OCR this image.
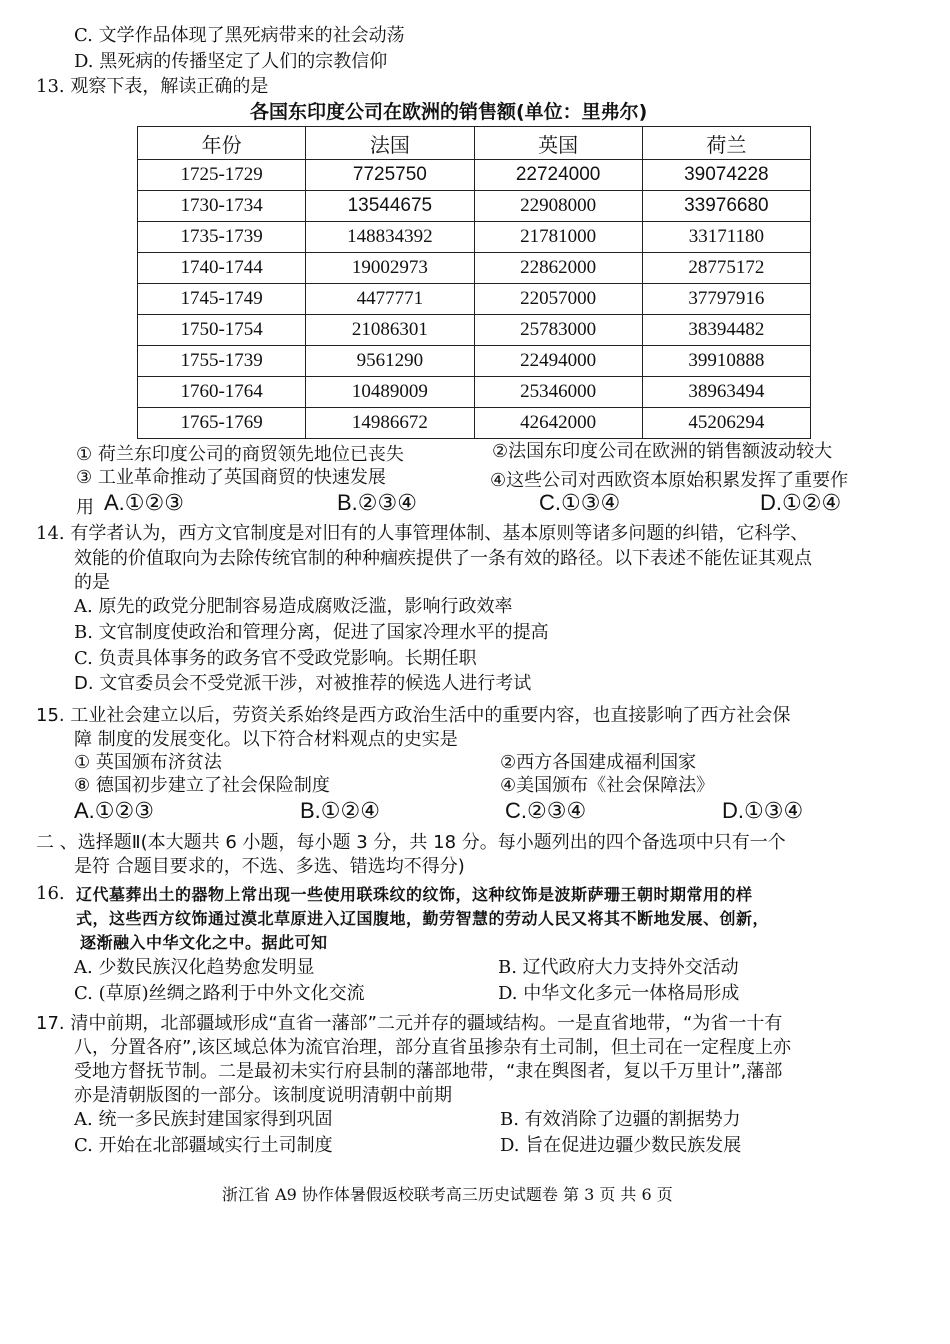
C. 文学作品体现了黑死病带来的社会动荡
D. 黑死病的传播坚定了人们的宗教信仰
13. 观察下表，解读正确的是
各国东印度公司在欧洲的销售额(单位：里弗尔)
年份	法国	英国	荷兰
1725-1729	7725750	22724000	39074228
1730-1734	13544675	22908000	33976680
1735-1739	148834392	21781000	33171180
1740-1744	19002973	22862000	28775172
1745-1749	4477771	22057000	37797916
1750-1754	21086301	25783000	38394482
1755-1739	9561290	22494000	39910888
1760-1764	10489009	25346000	38963494
1765-1769	14986672	42642000	45206294
① 荷兰东印度公司的商贸领先地位已丧失	②法国东印度公司在欧洲的销售额波动较大
③ 工业革命推动了英国商贸的快速发展	④这些公司对西欧资本原始积累发挥了重要作
用 A.①②③	B.②③④	C.①③④	D.①②④
14. 有学者认为，西方文官制度是对旧有的人事管理体制、基本原则等诸多问题的纠错，它科学、
效能的价值取向为去除传统官制的种种痼疾提供了一条有效的路径。以下表述不能佐证其观点
的是
A. 原先的政党分肥制容易造成腐败泛滥，影响行政效率
B. 文官制度使政治和管理分离，促进了国家冷理水平的提高
C. 负责具体事务的政务官不受政党影响。长期任职
D. 文官委员会不受党派干涉，对被推荐的候选人进行考试
15. 工业社会建立以后，劳资关系始终是西方政治生活中的重要内容，也直接影响了西方社会保
障 制度的发展变化。以下符合材料观点的史实是
① 英国颁布济贫法	②西方各国建成福利国家
⑧ 德国初步建立了社会保险制度	④美国颁布《社会保障法》
A.①②③	B.①②④	C.②③④	D.①③④
二 、选择题Ⅱ(本大题共 6 小题，每小题 3 分，共 18 分。每小题列出的四个备选项中只有一个
是符 合题目要求的，不选、多选、错选均不得分)
16. 辽代墓葬出土的器物上常出现一些使用联珠纹的纹饰，这种纹饰是波斯萨珊王朝时期常用的样
式，这些西方纹饰通过漠北草原进入辽国腹地，勤劳智慧的劳动人民又将其不断地发展、创新，
逐渐融入中华文化之中。据此可知
A. 少数民族汉化趋势愈发明显	B. 辽代政府大力支持外交活动
C. (草原)丝绸之路利于中外文化交流	D. 中华文化多元一体格局形成
17. 清中前期，北部疆域形成“直省一藩部”二元并存的疆域结构。一是直省地带，“为省一十有
八，分置各府”,该区域总体为流官治理，部分直省虽掺杂有土司制，但土司在一定程度上亦
受地方督抚节制。二是最初未实行府县制的藩部地带，“隶在舆图者，复以千万里计”,藩部
亦是清朝版图的一部分。该制度说明清朝中前期
A. 统一多民族封建国家得到巩固	B. 有效消除了边疆的割据势力
C. 开始在北部疆域实行土司制度	D. 旨在促进边疆少数民族发展
浙江省 A9 协作体暑假返校联考高三历史试题卷 第 3 页 共 6 页
